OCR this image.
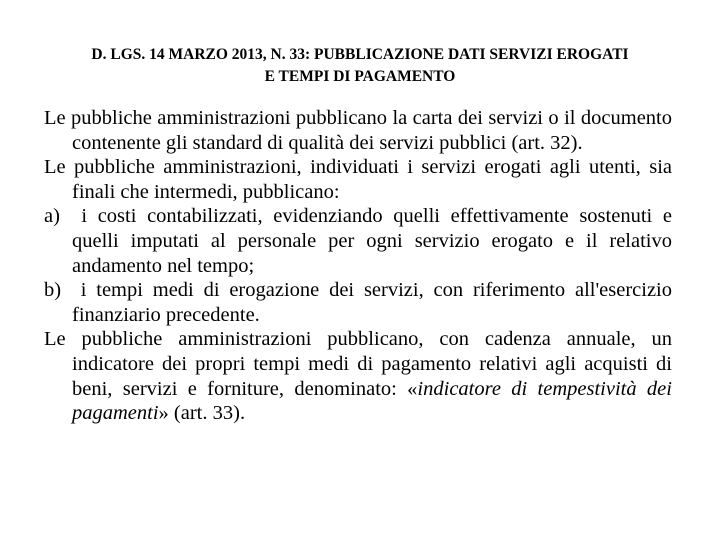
D. LGS. 14 MARZO 2013, N. 33: PUBBLICAZIONE DATI SERVIZI EROGATI
E TEMPI DI PAGAMENTO

Le pubbliche amministrazioni pubblicano la carta dei servizi o il documento contenente gli standard di qualità dei servizi pubblici (art. 32).

Le pubbliche amministrazioni, individuati i servizi erogati agli utenti, sia finali che intermedi, pubblicano:

a) i costi contabilizzati, evidenziando quelli effettivamente sostenuti e quelli imputati al personale per ogni servizio erogato e il relativo andamento nel tempo;

b) i tempi medi di erogazione dei servizi, con riferimento all'esercizio finanziario precedente.

Le pubbliche amministrazioni pubblicano, con cadenza annuale, un indicatore dei propri tempi medi di pagamento relativi agli acquisti di beni, servizi e forniture, denominato: «indicatore di tempestività dei pagamenti» (art. 33).
